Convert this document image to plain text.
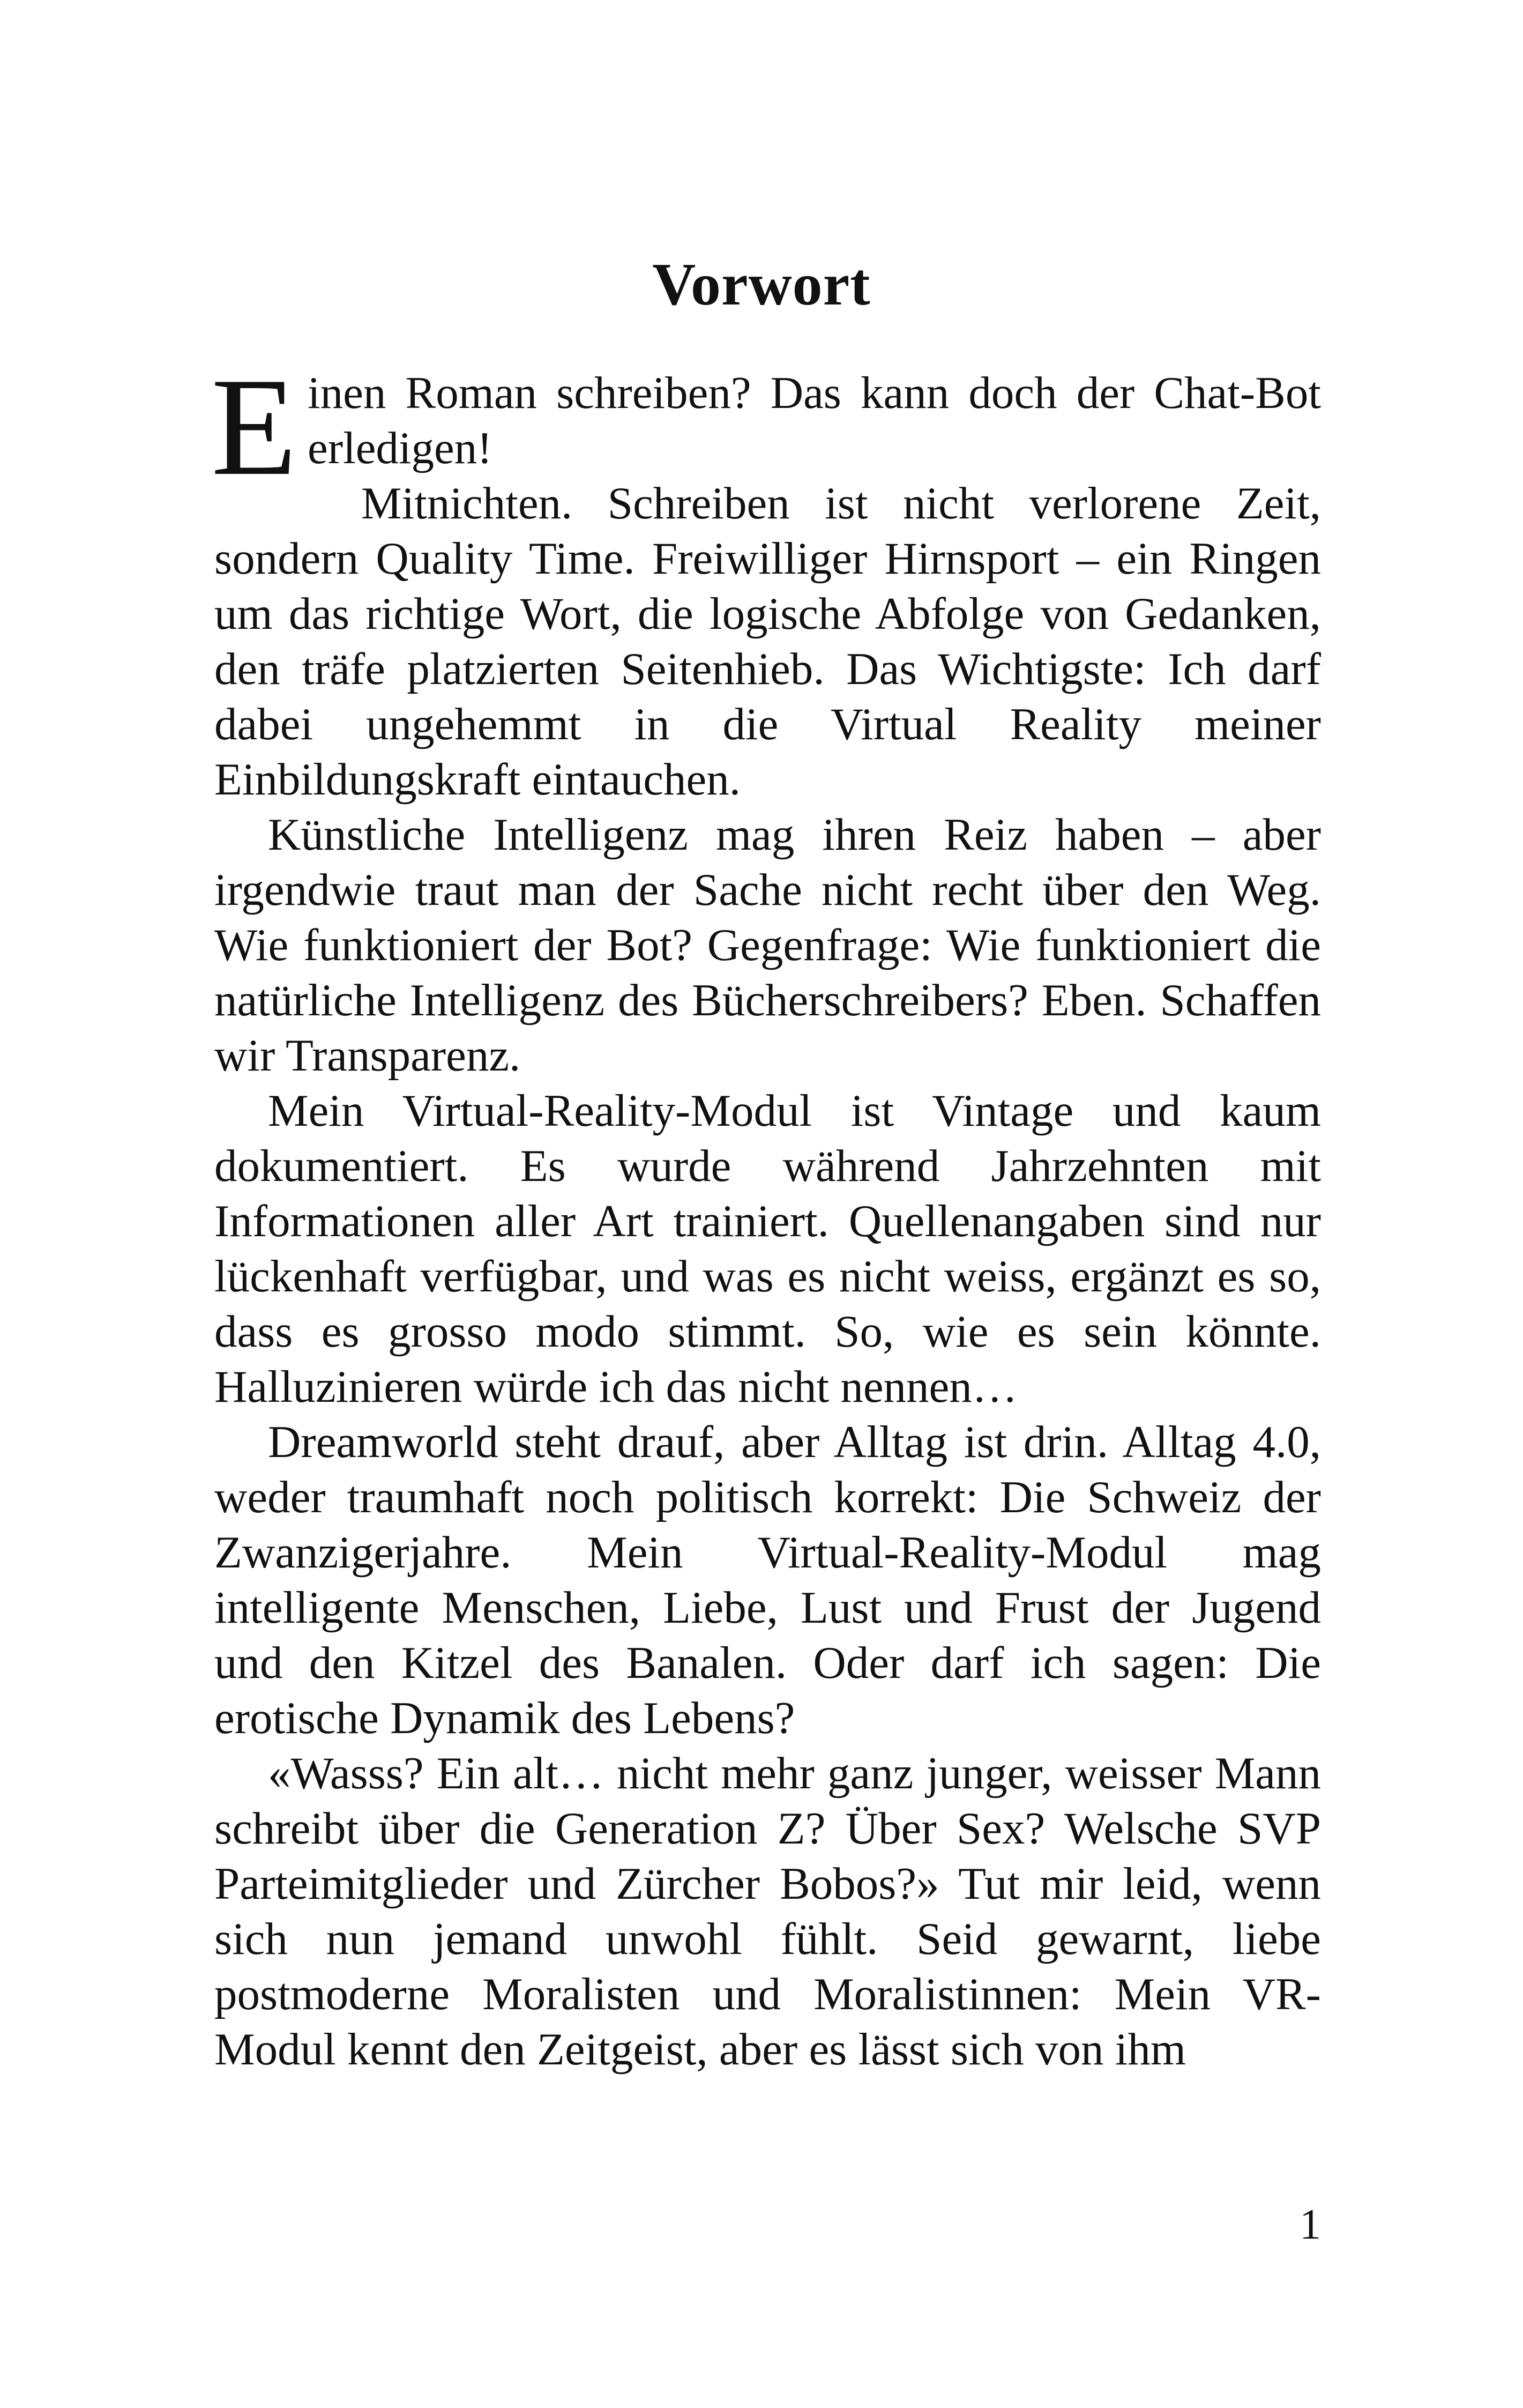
Vorwort

Einen Roman schreiben? Das kann doch der Chat-Bot erledigen!

Mitnichten. Schreiben ist nicht verlorene Zeit, sondern Quality Time. Freiwilliger Hirnsport – ein Ringen um das richtige Wort, die logische Abfolge von Gedanken, den träfe platzierten Seitenhieb. Das Wichtigste: Ich darf dabei ungehemmt in die Virtual Reality meiner Einbildungskraft eintauchen.

Künstliche Intelligenz mag ihren Reiz haben – aber irgendwie traut man der Sache nicht recht über den Weg. Wie funktioniert der Bot? Gegenfrage: Wie funktioniert die natürliche Intelligenz des Bücherschreibers? Eben. Schaffen wir Transparenz.

Mein Virtual-Reality-Modul ist Vintage und kaum dokumentiert. Es wurde während Jahrzehnten mit Informationen aller Art trainiert. Quellenangaben sind nur lückenhaft verfügbar, und was es nicht weiss, ergänzt es so, dass es grosso modo stimmt. So, wie es sein könnte. Halluzinieren würde ich das nicht nennen…

Dreamworld steht drauf, aber Alltag ist drin. Alltag 4.0, weder traumhaft noch politisch korrekt: Die Schweiz der Zwanzigerjahre. Mein Virtual-Reality-Modul mag intelligente Menschen, Liebe, Lust und Frust der Jugend und den Kitzel des Banalen. Oder darf ich sagen: Die erotische Dynamik des Lebens?

«Wasss? Ein alt… nicht mehr ganz junger, weisser Mann schreibt über die Generation Z? Über Sex? Welsche SVP Parteimitglieder und Zürcher Bobos?» Tut mir leid, wenn sich nun jemand unwohl fühlt. Seid gewarnt, liebe postmoderne Moralisten und Moralistinnen: Mein VR-Modul kennt den Zeitgeist, aber es lässt sich von ihm

1
